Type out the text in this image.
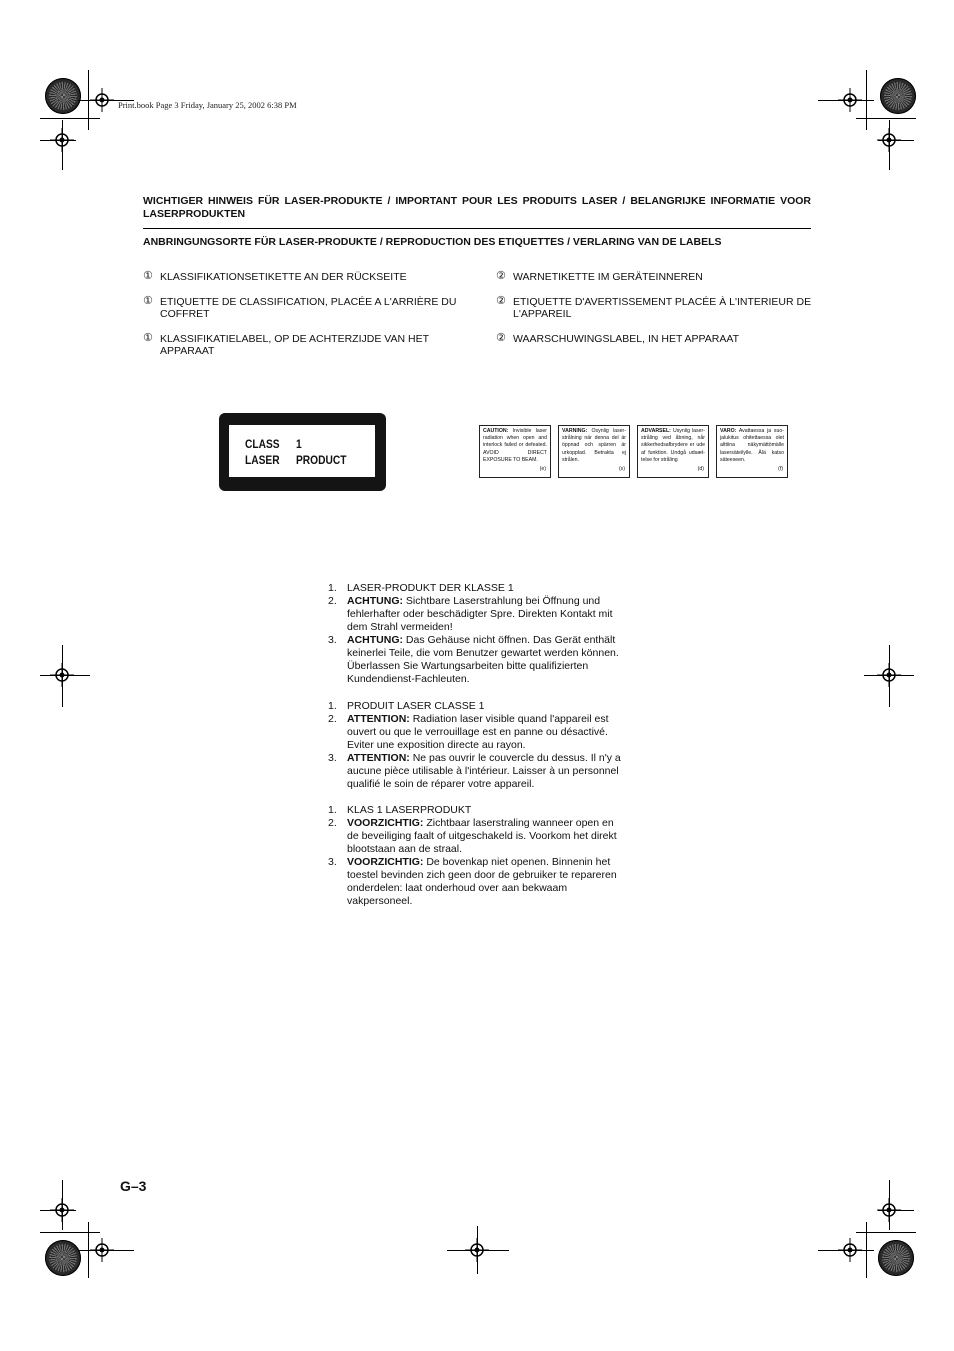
Print.book Page 3 Friday, January 25, 2002 6:38 PM
WICHTIGER HINWEIS FÜR LASER-PRODUKTE / IMPORTANT POUR LES PRODUITS LASER / BELANGRIJKE INFORMATIE VOOR LASERPRODUKTEN
ANBRINGUNGSORTE FÜR LASER-PRODUKTE / REPRODUCTION DES ETIQUETTES / VERLARING VAN DE LABELS
① KLASSIFIKATIONSETIKETTE AN DER RÜCKSEITE
① ETIQUETTE DE CLASSIFICATION, PLACÉE A L'ARRIÈRE DU COFFRET
① KLASSIFIKATIELABEL, OP DE ACHTERZIJDE VAN HET APPARAAT
② WARNETIKETTE IM GERÄTEINNEREN
② ETIQUETTE D'AVERTISSEMENT PLACÉE À L'INTERIEUR DE L'APPAREIL
② WAARSCHUWINGSLABEL, IN HET APPARAAT
CLASS 1
LASER PRODUCT
CAUTION: Invisible laser radiation when open and interlock failed or defeated. AVOID DIRECT EXPOSURE TO BEAM.
(e)
VARNING: Osynlig laser-strålning när denna del är öppnad och spärren är urkopplad. Betrakta ej strålen.
(s)
ADVARSEL: Usynlig laser-stråling ved åbning, når sikkerhedsafbrydere er ude af funktion. Undgå udsæt-telse for stråling
(d)
VARO: Avattaessa ja suo-jalukitus ohitettaessa olet alttiina näkymättömälle lasersäteilylle. Älä katso säteeseen.
(f)
1. LASER-PRODUKT DER KLASSE 1
2. ACHTUNG: Sichtbare Laserstrahlung bei Öffnung und fehlerhafter oder beschädigter Spre. Direkten Kontakt mit dem Strahl vermeiden!
3. ACHTUNG: Das Gehäuse nicht öffnen. Das Gerät enthält keinerlei Teile, die vom Benutzer gewartet werden können. Überlassen Sie Wartungsarbeiten bitte qualifizierten Kundendienst-Fachleuten.
1. PRODUIT LASER CLASSE 1
2. ATTENTION: Radiation laser visible quand l'appareil est ouvert ou que le verrouillage est en panne ou désactivé. Eviter une exposition directe au rayon.
3. ATTENTION: Ne pas ouvrir le couvercle du dessus. Il n'y a aucune pièce utilisable à l'intérieur. Laisser à un personnel qualifié le soin de réparer votre appareil.
1. KLAS 1 LASERPRODUKT
2. VOORZICHTIG: Zichtbaar laserstraling wanneer open en de beveiliging faalt of uitgeschakeld is. Voorkom het direkt blootstaan aan de straal.
3. VOORZICHTIG: De bovenkap niet openen. Binnenin het toestel bevinden zich geen door de gebruiker te repareren onderdelen: laat onderhoud over aan bekwaam vakpersoneel.
G–3
